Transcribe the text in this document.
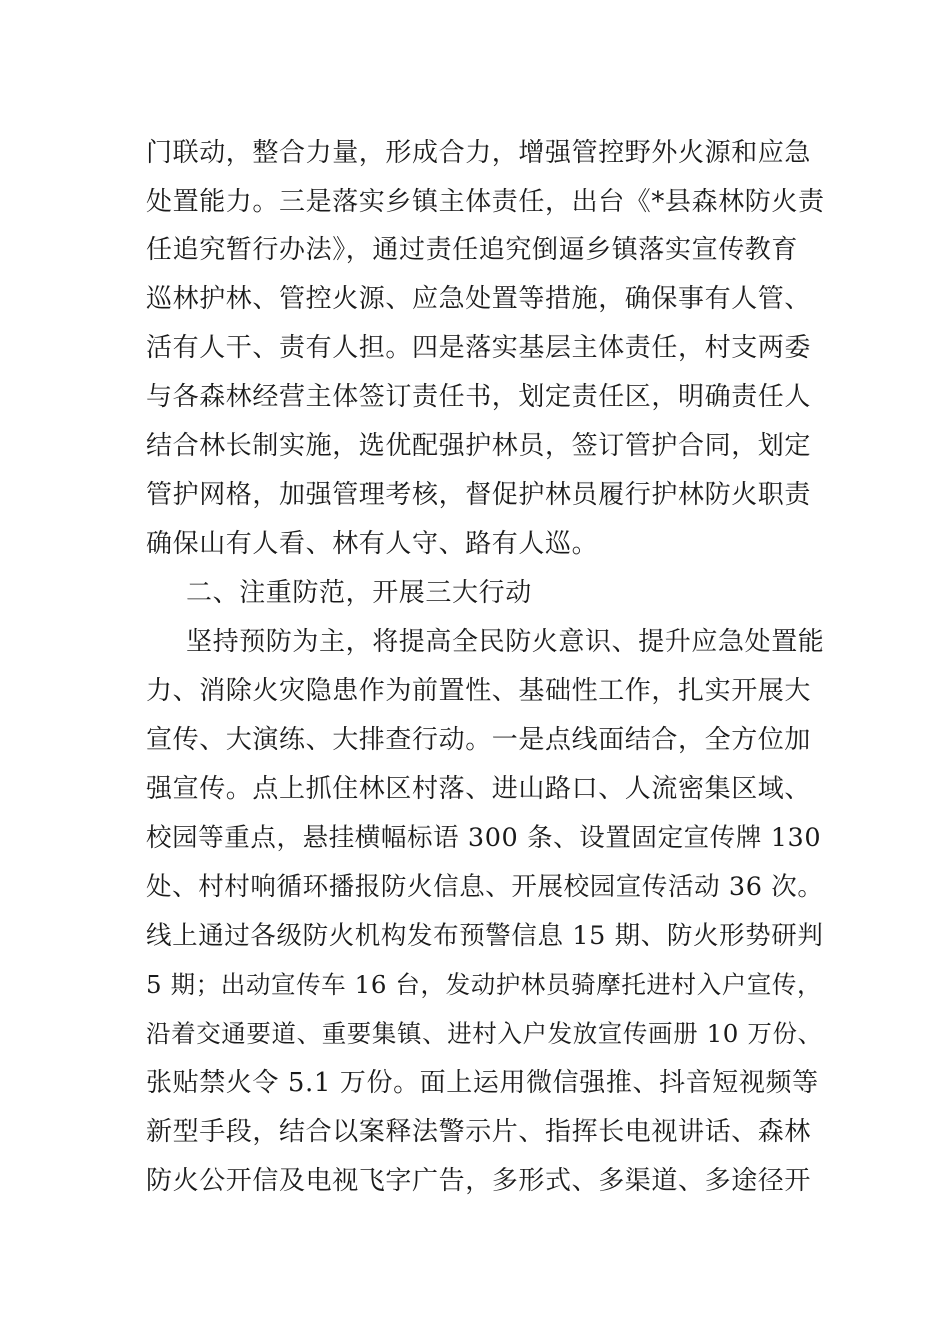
门联动，整合力量，形成合力，增强管控野外火源和应急
处置能力。三是落实乡镇主体责任，出台《*县森林防火责
任追究暂行办法》，通过责任追究倒逼乡镇落实宣传教育
巡林护林、管控火源、应急处置等措施，确保事有人管、
活有人干、责有人担。四是落实基层主体责任，村支两委
与各森林经营主体签订责任书，划定责任区，明确责任人
结合林长制实施，选优配强护林员，签订管护合同，划定
管护网格，加强管理考核，督促护林员履行护林防火职责
确保山有人看、林有人守、路有人巡。
二、注重防范，开展三大行动
坚持预防为主，将提高全民防火意识、提升应急处置能
力、消除火灾隐患作为前置性、基础性工作，扎实开展大
宣传、大演练、大排查行动。一是点线面结合，全方位加
强宣传。点上抓住林区村落、进山路口、人流密集区域、
校园等重点，悬挂横幅标语 300 条、设置固定宣传牌 130
处、村村响循环播报防火信息、开展校园宣传活动 36 次。
线上通过各级防火机构发布预警信息 15 期、防火形势研判
5 期；出动宣传车 16 台，发动护林员骑摩托进村入户宣传，
沿着交通要道、重要集镇、进村入户发放宣传画册 10 万份、
张贴禁火令 5.1 万份。面上运用微信强推、抖音短视频等
新型手段，结合以案释法警示片、指挥长电视讲话、森林
防火公开信及电视飞字广告，多形式、多渠道、多途径开
